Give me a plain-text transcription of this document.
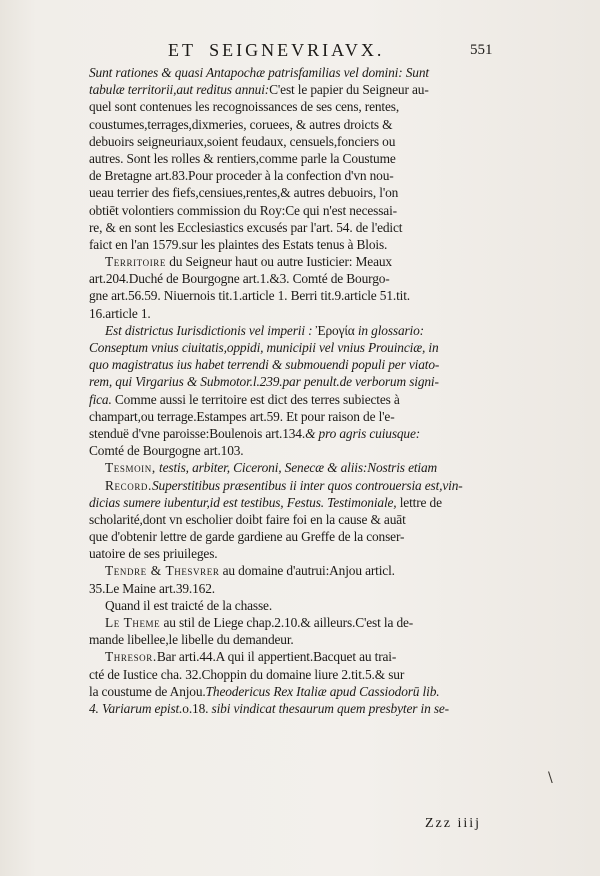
ET SEIGNEVRIAVX.	551
Sunt rationes & quasi Antapochæ patrisfamilias vel domini: Sunt
tabulæ territorii,aut reditus annui:C'est le papier du Seigneur au-
quel sont contenues les recognoissances de ses cens, rentes,
coustumes,terrages,dixmeries, coruees, & autres droicts &
debuoirs seigneuriaux,soient feudaux, censuels,fonciers ou
autres. Sont les rolles & rentiers,comme parle la Coustume
de Bretagne art.83.Pour proceder à la confection d'vn nou-
ueau terrier des fiefs,censiues,rentes,& autres debuoirs, l'on
obtiēt volontiers commission du Roy:Ce qui n'est necessai-
re, & en sont les Ecclesiastics excusés par l'art. 54. de l'edict
faict en l'an 1579.sur les plaintes des Estats tenus à Blois.
Territoire du Seigneur haut ou autre Iusticier: Meaux
art.204.Duché de Bourgogne art.1.&3. Comté de Bourgo-
gne art.56.59. Niuernois tit.1.article 1. Berri tit.9.article 51.tit.
16.article 1.
Est districtus Iurisdictionis vel imperii : Ἐρογία in glossario:
Conseptum vnius ciuitatis,oppidi, municipii vel vnius Prouinciæ, in
quo magistratus ius habet terrendi & submouendi populi per viato-
rem, qui Virgarius & Submotor.l.239.par penult.de verborum signi-
fica. Comme aussi le territoire est dict des terres subiectes à
champart,ou terrage.Estampes art.59. Et pour raison de l'e-
stenduë d'vne paroisse:Boulenois art.134.& pro agris cuiusque:
Comté de Bourgogne art.103.
Tesmoin, testis, arbiter, Ciceroni, Senecæ & aliis:Nostris etiam
Record.Superstitibus præsentibus ii inter quos controuersia est,vin-
dicias sumere iubentur,id est testibus, Festus. Testimoniale, lettre de
scholarité,dont vn escholier doibt faire foi en la cause & auāt
que d'obtenir lettre de garde gardiene au Greffe de la conser-
uatoire de ses priuileges.
Tendre & Thesvrer au domaine d'autrui:Anjou articl.
35.Le Maine art.39.162.
Quand il est traicté de la chasse.
Le Theme au stil de Liege chap.2.10.& ailleurs.C'est la de-
mande libellee,le libelle du demandeur.
Thresor.Bar arti.44.A qui il appertient.Bacquet au trai-
cté de Iustice cha. 32.Choppin du domaine liure 2.tit.5.& sur
la coustume de Anjou.Theodericus Rex Italiæ apud Cassiodorū lib.
4. Variarum epist.o.18. sibi vindicat thesaurum quem presbyter in se-
Zzz iiij
\
